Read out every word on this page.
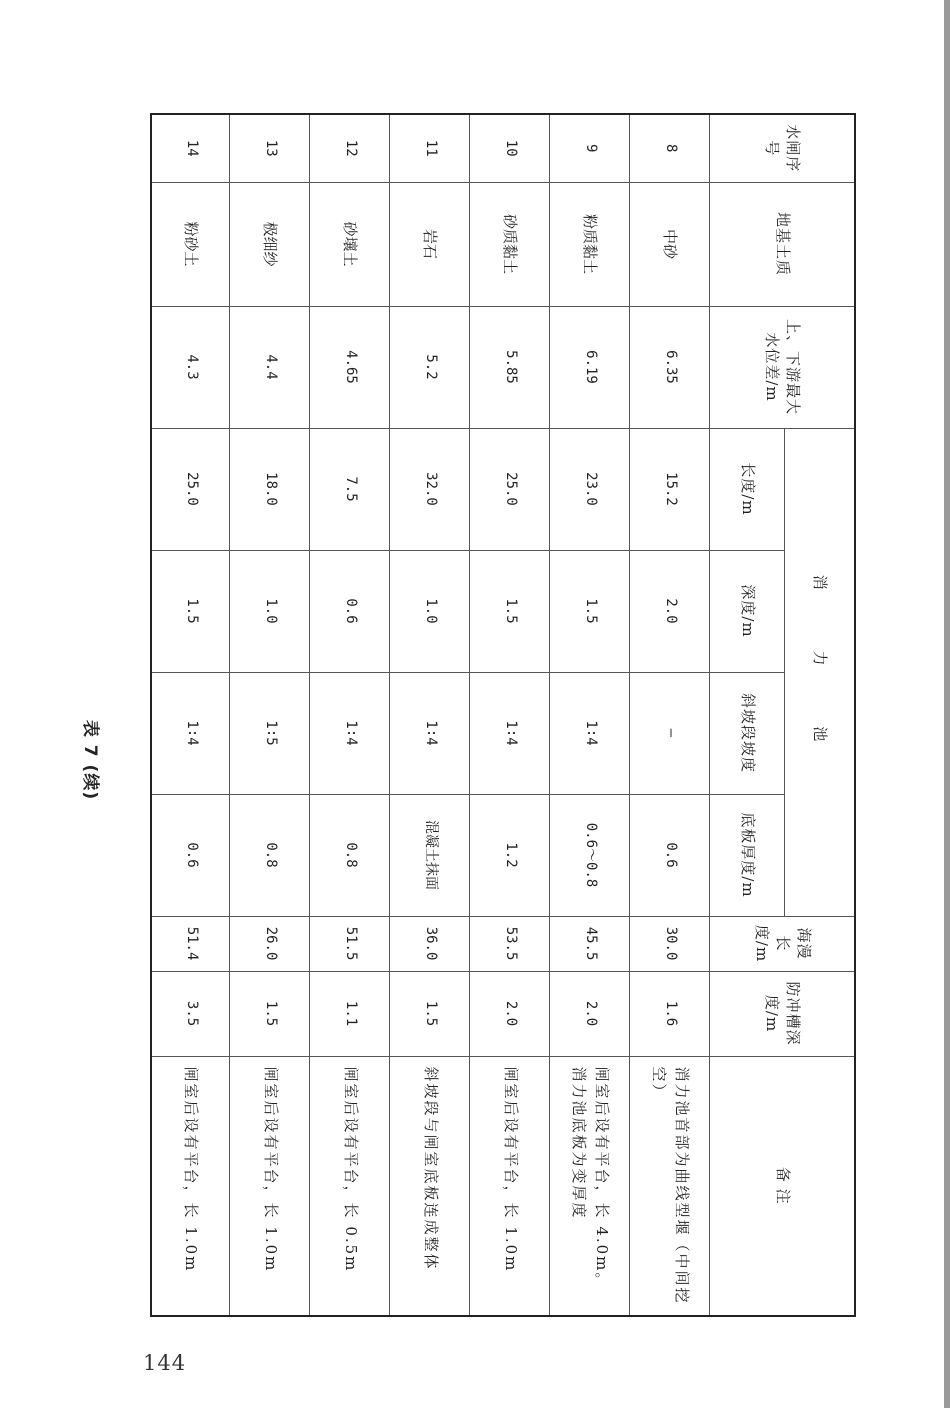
表 7 (续)
水闸序号	地基土质	上、下游最大水位差/m	消 力 池				海漫长度/m	防冲槽深度/m	备 注
			长度/m	深度/m	斜坡段坡度	底板厚度/m			
8	中砂	6.35	15.2	2.0	—	0.6	30.0	1.6	消力池首部为曲线型堰（中间挖空）
9	粉质黏土	6.19	23.0	1.5	1∶4	0.6～0.8	45.5	2.0	闸室后设有平台，长 4.0m。消力池底板为变厚度
10	砂质黏土	5.85	25.0	1.5	1∶4	1.2	53.5	2.0	闸室后设有平台，长 1.0m
11	岩石	5.2	32.0	1.0	1∶4	混凝土抹面	36.0	1.5	斜坡段与闸室底板连成整体
12	砂壤土	4.65	7.5	0.6	1∶4	0.8	51.5	1.1	闸室后设有平台，长 0.5m
13	极细纱	4.4	18.0	1.0	1∶5	0.8	26.0	1.5	闸室后设有平台，长 1.0m
14	粉砂土	4.3	25.0	1.5	1∶4	0.6	51.4	3.5	闸室后设有平台，长 1.0m
144
